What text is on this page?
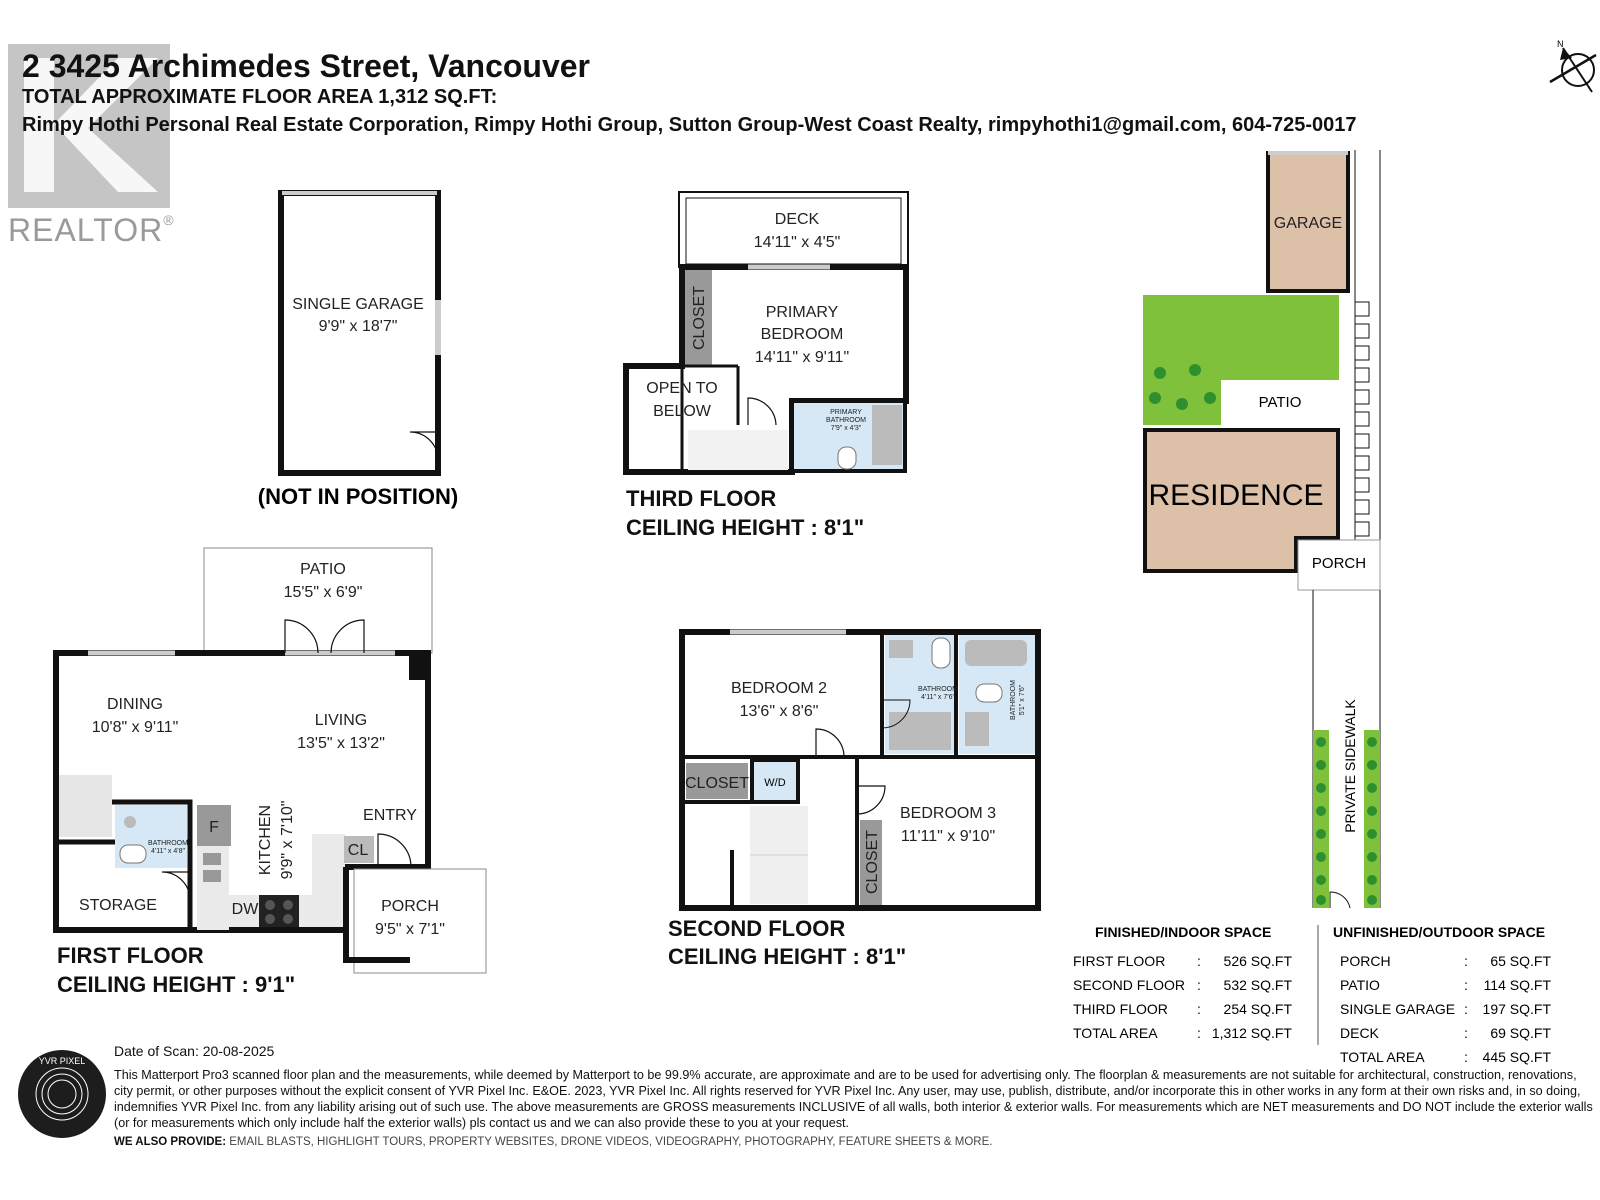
REALTOR®
2 3425 Archimedes Street, Vancouver
TOTAL APPROXIMATE FLOOR AREA 1,312 SQ.FT:
Rimpy Hothi Personal Real Estate Corporation, Rimpy Hothi Group, Sutton Group-West Coast Realty, rimpyhothi1@gmail.com, 604-725-0017
N
SINGLE GARAGE
9'9" x 18'7"
(NOT IN POSITION)
DECK
14'11" x 4'5"
CLOSET	PRIMARY
BEDROOM
14'11" x 9'11"
OPEN TO
BELOW	PRIMARY
BATHROOM
7'9" x 4'3"
THIRD FLOOR
CEILING HEIGHT : 8'1"
PATIO
15'5" x 6'9"
DINING
10'8" x 9'11"	LIVING
13'5" x 13'2"
BATHROOM
4'11" x 4'8"
STORAGE
F KITCHEN 9'9" x 7'10"
DW
CL
ENTRY
PORCH
9'5" x 7'1"
FIRST FLOOR
CEILING HEIGHT : 9'1"
BEDROOM 2
13'6" x 8'6"
BATHROOM
4'11" x 7'6"	BATHROOM 5'1" x 7'6"
CLOSET W/D
CLOSET
BEDROOM 3
11'11" x 9'10"
SECOND FLOOR
CEILING HEIGHT : 8'1"
GARAGE
PATIO
RESIDENCE
PORCH
PRIVATE SIDEWALK
FINISHED/INDOOR SPACE
FIRST FLOOR : 526 SQ.FT
SECOND FLOOR : 532 SQ.FT
THIRD FLOOR : 254 SQ.FT
TOTAL AREA	: 1,312 SQ.FT
UNFINISHED/OUTDOOR SPACE
PORCH	: 65 SQ.FT
PATIO	: 114 SQ.FT
SINGLE GARAGE : 197 SQ.FT
DECK	: 69 SQ.FT
TOTAL AREA	: 445 SQ.FT
YVR PIXEL
Date of Scan: 20-08-2025
This Matterport Pro3 scanned floor plan and the measurements, while deemed by Matterport to be 99.9% accurate, are approximate and are to be used for advertising only. The floorplan & measurements are not suitable for architectural, construction, renovations, city permit, or other purposes without the explicit consent of YVR Pixel Inc. E&OE. 2023, YVR Pixel Inc. All rights reserved for YVR Pixel Inc. Any user, may use, publish, distribute, and/or incorporate this in other works in any form at their own risks and, in so doing, indemnifies YVR Pixel Inc. from any liability arising out of such use. The above measurements are GROSS measurements INCLUSIVE of all walls, both interior & exterior walls. For measurements which are NET measurements and DO NOT include the exterior walls (or for measurements which only include half the exterior walls) pls contact us and we can also provide these to you at your request.
WE ALSO PROVIDE: EMAIL BLASTS, HIGHLIGHT TOURS, PROPERTY WEBSITES, DRONE VIDEOS, VIDEOGRAPHY, PHOTOGRAPHY, FEATURE SHEETS & MORE.
